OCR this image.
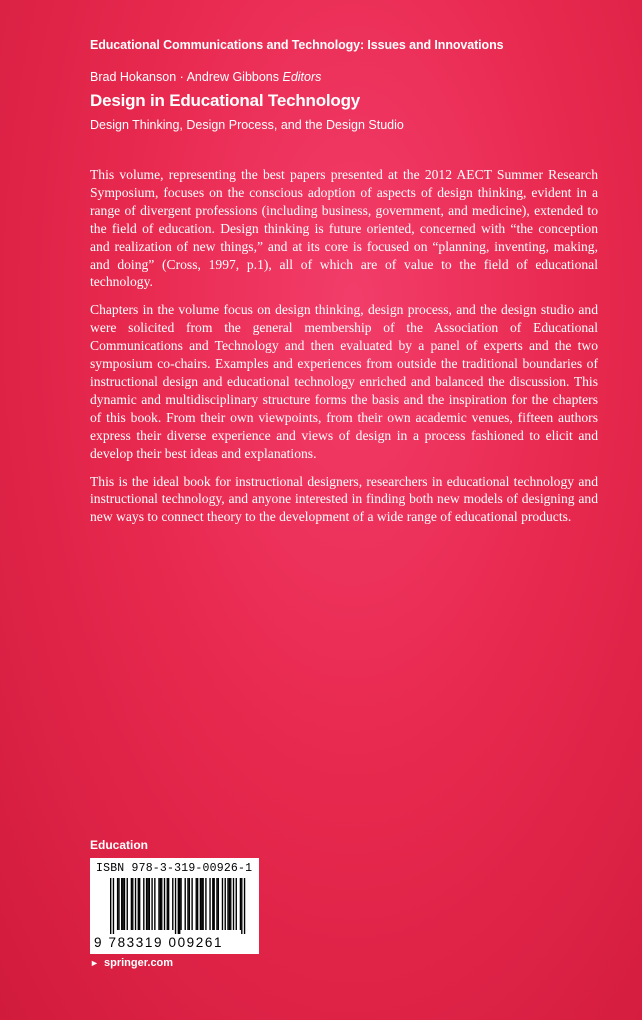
Educational Communications and Technology: Issues and Innovations
Brad Hokanson · Andrew Gibbons Editors
Design in Educational Technology
Design Thinking, Design Process, and the Design Studio

This volume, representing the best papers presented at the 2012 AECT Summer Research Symposium, focuses on the conscious adoption of aspects of design thinking, evident in a range of divergent professions (including business, government, and medicine), extended to the field of education. Design thinking is future oriented, concerned with “the conception and realization of new things,” and at its core is focused on “planning, inventing, making, and doing” (Cross, 1997, p.1), all of which are of value to the field of educational technology.

Chapters in the volume focus on design thinking, design process, and the design studio and were solicited from the general membership of the Association of Educational Communications and Technology and then evaluated by a panel of experts and the two symposium co-chairs. Examples and experiences from outside the traditional boundaries of instructional design and educational technology enriched and balanced the discussion. This dynamic and multidisciplinary structure forms the basis and the inspiration for the chapters of this book. From their own viewpoints, from their own academic venues, fifteen authors express their diverse experience and views of design in a process fashioned to elicit and develop their best ideas and explanations.

This is the ideal book for instructional designers, researchers in educational technology and instructional technology, and anyone interested in finding both new models of designing and new ways to connect theory to the development of a wide range of educational products.

Education
ISBN 978-3-319-00926-1
9 783319 009261
► springer.com
